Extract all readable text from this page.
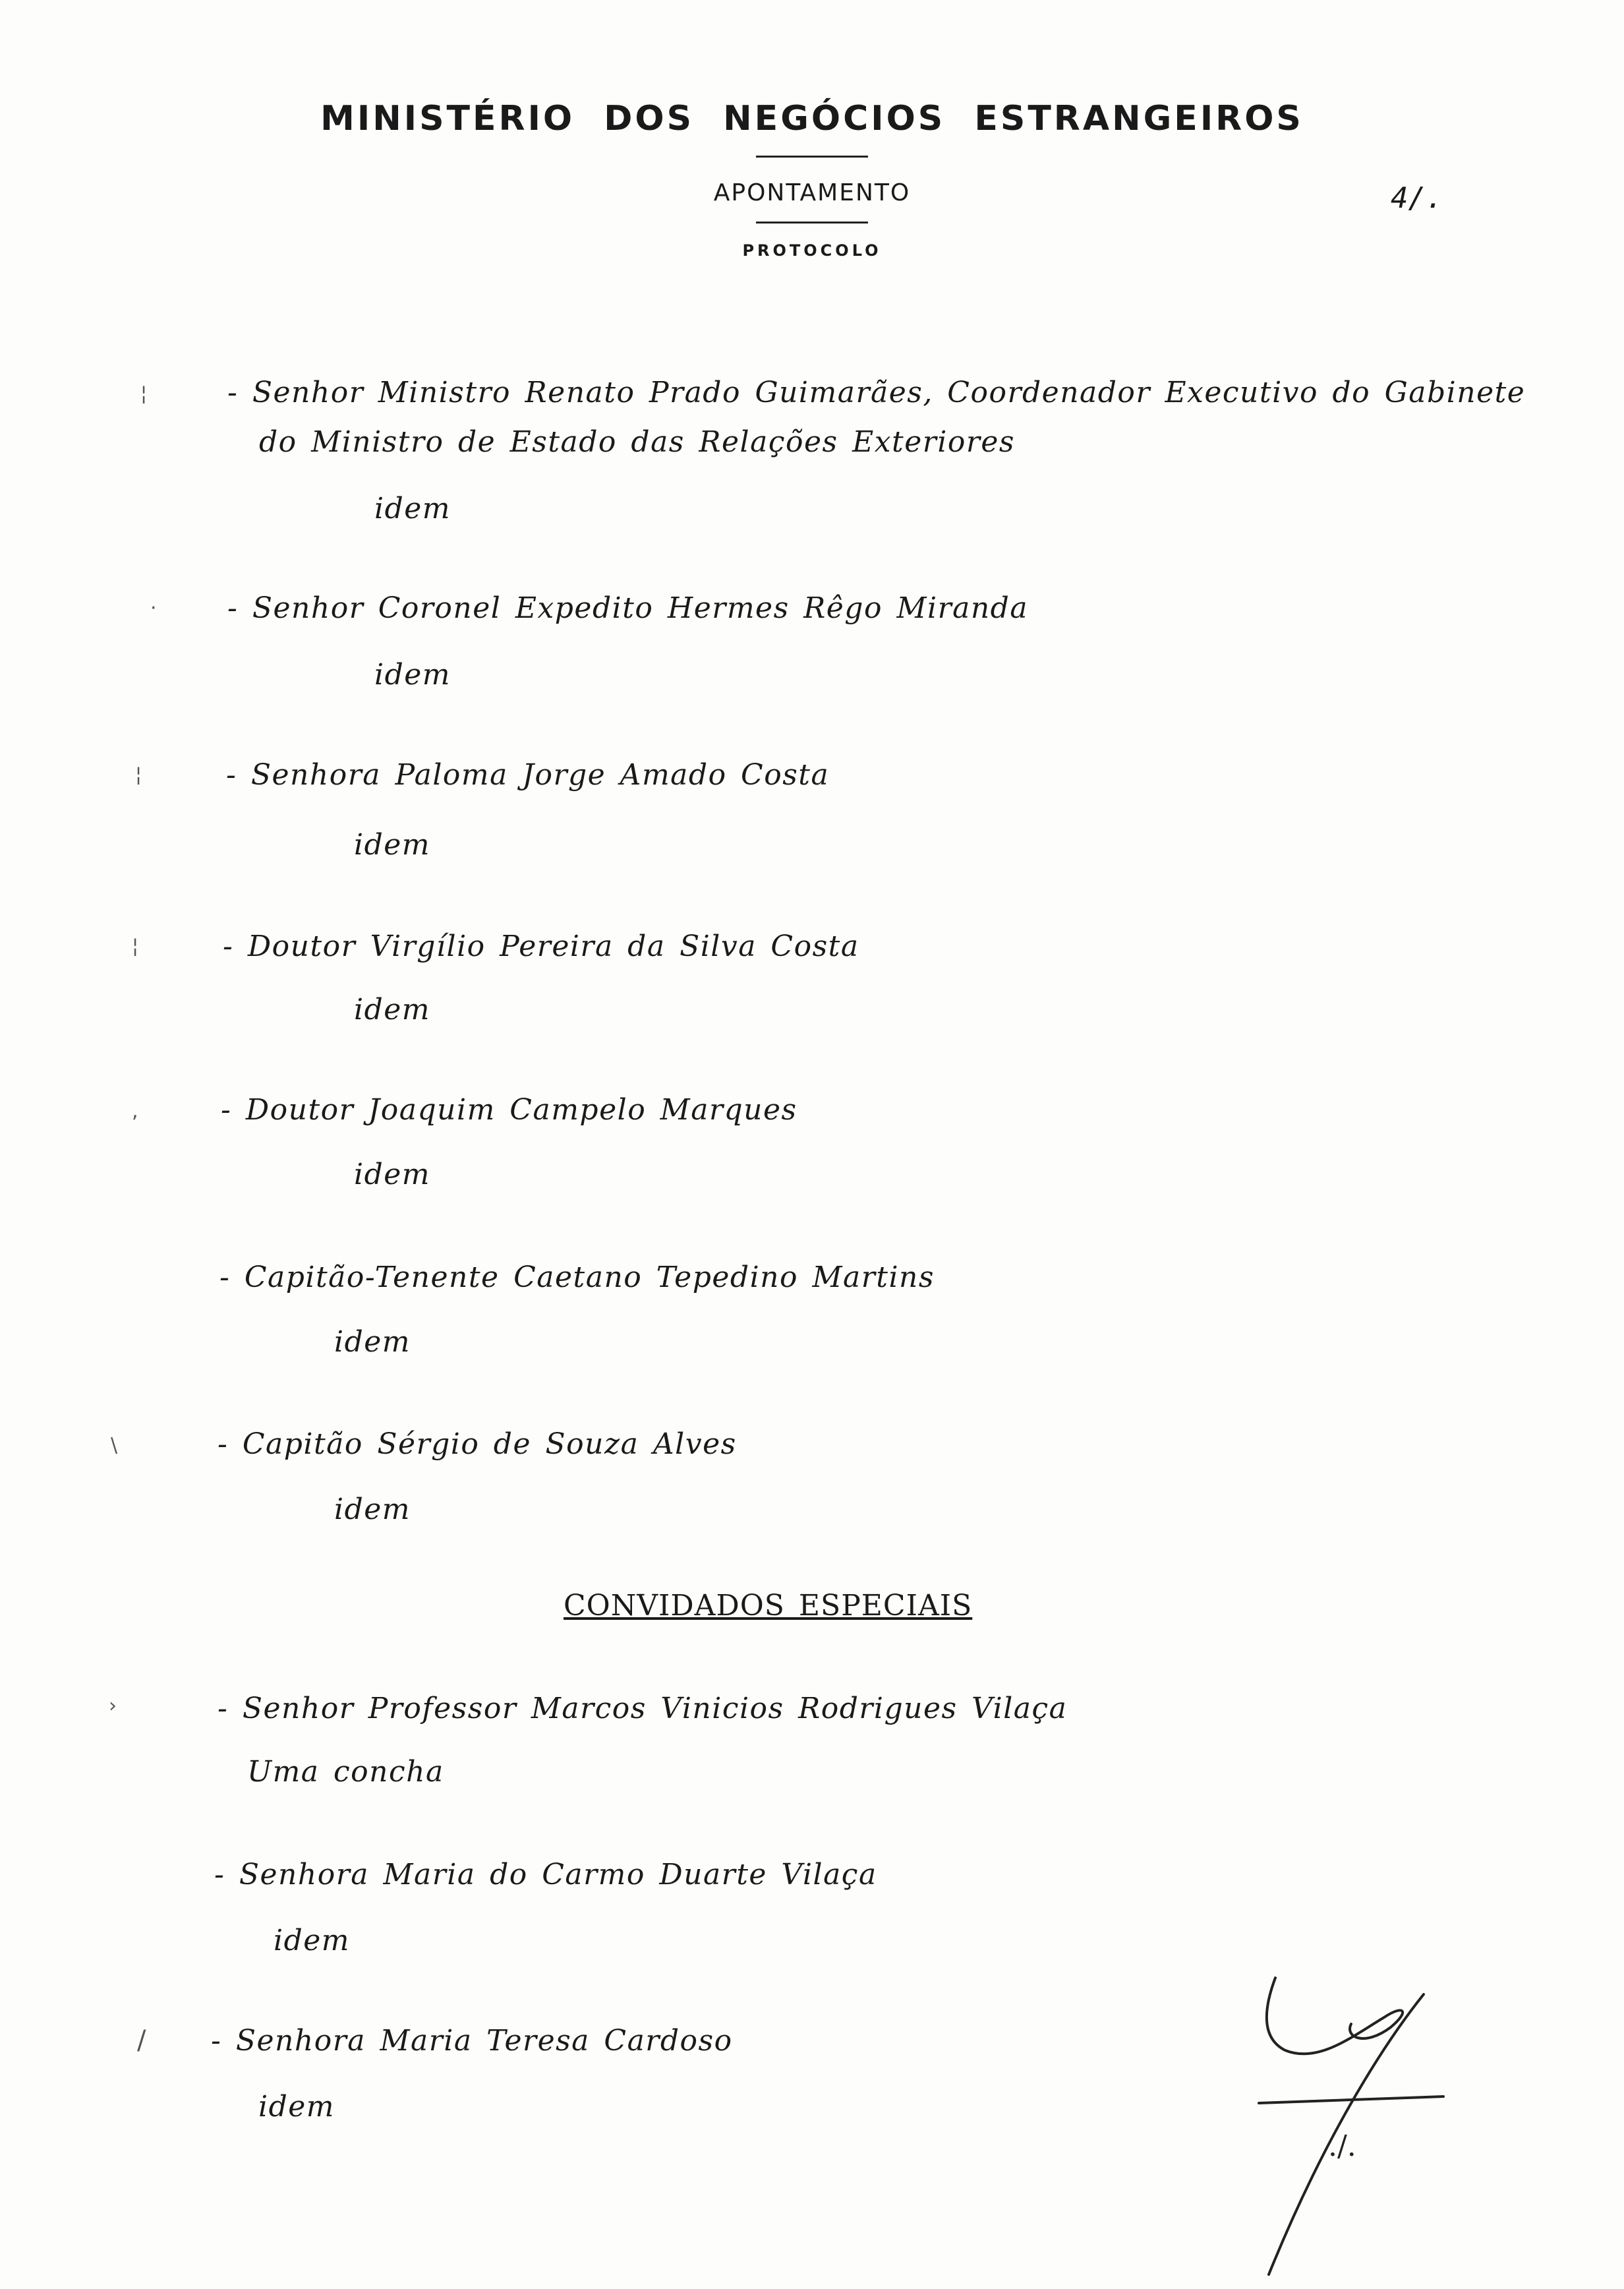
MINISTÉRIO DOS NEGÓCIOS ESTRANGEIROS
APONTAMENTO
PROTOCOLO
4/.
- Senhor Ministro Renato Prado Guimarães, Coordenador Executivo do Gabinete
do Ministro de Estado das Relações Exteriores
idem
- Senhor Coronel Expedito Hermes Rêgo Miranda
idem
- Senhora Paloma Jorge Amado Costa
idem
- Doutor Virgílio Pereira da Silva Costa
idem
- Doutor Joaquim Campelo Marques
idem
- Capitão-Tenente Caetano Tepedino Martins
idem
- Capitão Sérgio de Souza Alves
idem
CONVIDADOS ESPECIAIS
- Senhor Professor Marcos Vinicios Rodrigues Vilaça
Uma concha
- Senhora Maria do Carmo Duarte Vilaça
idem
- Senhora Maria Teresa Cardoso
idem
¦
·
¦
¦
,
\
›
/
./.
